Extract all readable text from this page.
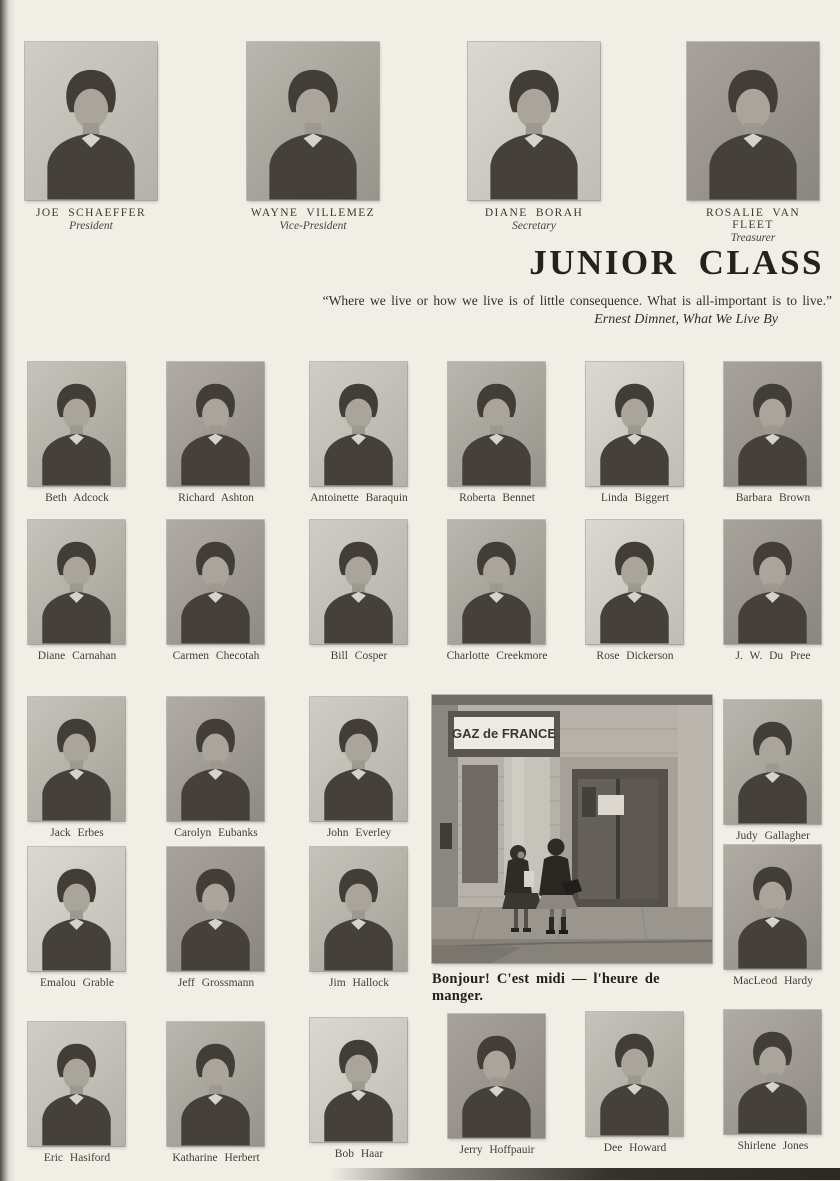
JOE SCHAEFFER
President
WAYNE VILLEMEZ
Vice-President
DIANE BORAH
Secretary
ROSALIE VAN FLEET
Treasurer
JUNIOR CLASS

“Where we live or how we live is of little consequence. What is all-important is to live.”

Ernest Dimnet, What We Live By

Beth Adcock	Richard Ashton	Antoinette Baraquin	Roberta Bennet	Linda Biggert	Barbara Brown
Diane Carnahan	Carmen Checotah	Bill Cosper	Charlotte Creekmore	Rose Dickerson	J. W. Du Pree
Jack Erbes	Carolyn Eubanks	John Everley	Judy Gallagher
Emalou Grable	Jeff Grossmann	Jim Hallock	MacLeod Hardy
Eric Hasiford	Katharine Herbert	Bob Haar	Jerry Hoffpauir	Dee Howard	Shirlene Jones
GAZ de FRANCE
Bonjour! C'est midi — l'heure de manger.
